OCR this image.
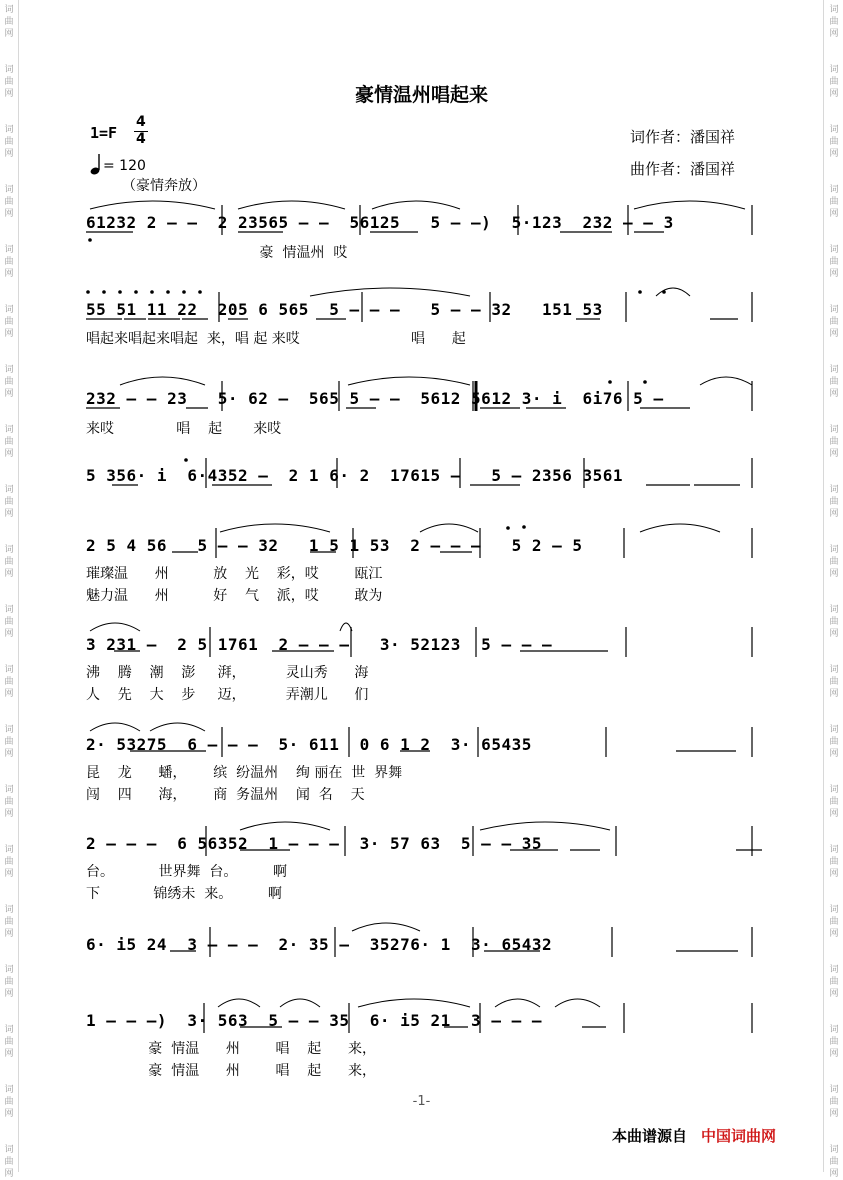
词
曲
网
词
曲
网
词
曲
网
词
曲
网
词
曲
网
词
曲
网
词
曲
网
词
曲
网
词
曲
网
词
曲
网
词
曲
网
词
曲
网
词
曲
网
词
曲
网
词
曲
网
词
曲
网
词
曲
网
词
曲
网
词
曲
网
词
曲
网
词
曲
网
词
曲
网
词
曲
网
词
曲
网
词
曲
网
词
曲
网
词
曲
网
词
曲
网
词
曲
网
词
曲
网
词
曲
网
词
曲
网
词
曲
网
词
曲
网
词
曲
网
词
曲
网
词
曲
网
词
曲
网
词
曲
网
词
曲
网
豪情温州唱起来
1=F
4
4
= 120
（豪情奔放）
词作者：潘国祥
曲作者：潘国祥
61232 2 – –  2 23565 – –  56125   5 – –)  5·123  232 – – 3
豪  情温州  哎
55 51 11 22  205 6 565  5 – – –   5 – – 32   151 53
唱起来唱起来唱起  来，唱 起 来哎                         唱      起
232 – – 23   5· 62 –  565 5 – –  5612 5612 3· i  6i76 5 –
来哎              唱    起       来哎
5 356· i  6·4352 –  2 1 6· 2  17615 –   5 – 2356 3561
2 5 4 56   5 – – 32   1 5 1 53  2 – – –   5 2 – 5
璀璨温      州          放    光    彩，哎        瓯江
魅力温      州          好    气    派，哎        敢为
3 231 –  2 5 1761  2 – – –   3· 52123  5 – – –
沸    腾    潮    澎     湃，         灵山秀      海
人    先    大    步     迈，         弄潮儿      们
2· 53275  6 – – –  5· 611  0 6 1 2  3· 65435
昆    龙      蟠，      缤  纷温州    绚 丽在  世  界舞
闯    四      海，      商  务温州    闻  名    天
2 – – –  6 56352  1 – – –  3· 57 63  5 – – 35
台。          世界舞  台。        啊
下            锦绣未  来。        啊
6· i5 24  3 – – –  2· 35 –  35276· 1  3· 65432
1 – – –)  3· 563  5 – – 35  6· i5 21  3 – – –
豪  情温      州        唱    起      来，
豪  情温      州        唱    起      来，
-1-
本曲谱源自 中国词曲网
